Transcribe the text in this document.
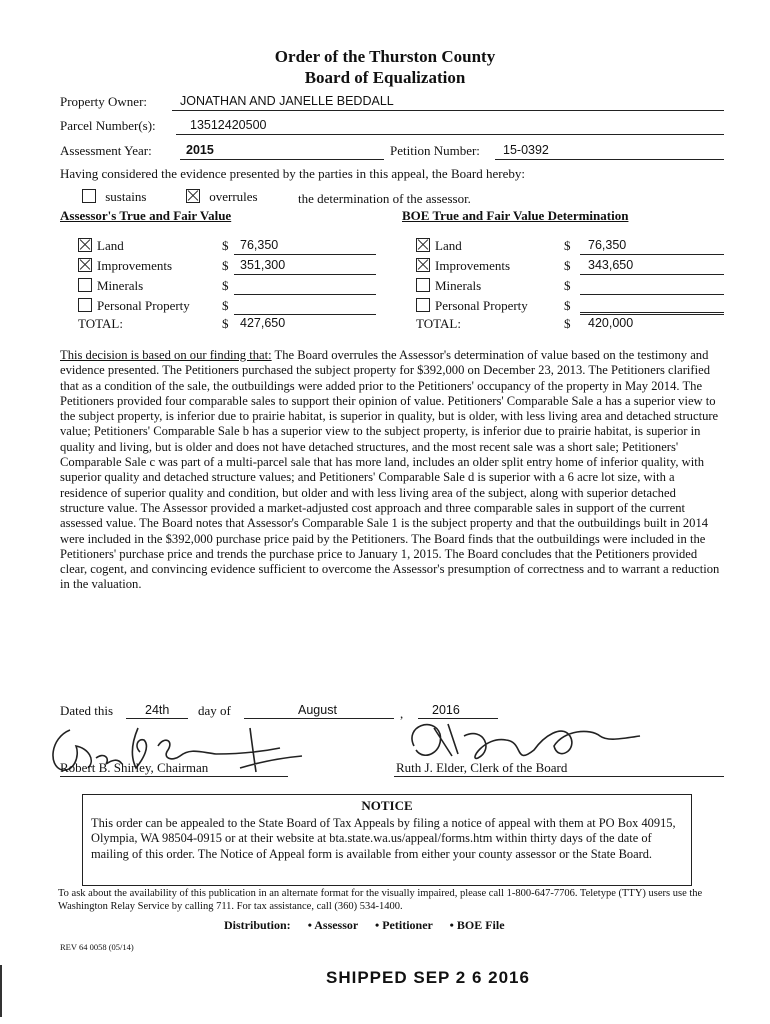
Order of the Thurston County
Board of Equalization
Property Owner:	JONATHAN AND JANELLE BEDDALL
Parcel Number(s):	13512420500
Assessment Year:	2015	Petition Number: 15-0392
Having considered the evidence presented by the parties in this appeal, the Board hereby:
sustains	overrules	the determination of the assessor.
Assessor's True and Fair Value	BOE True and Fair Value Determination
Land	$ 76,350
Improvements	$ 351,300
Minerals	$
Personal Property $
TOTAL:	$ 427,650
Land	$ 76,350
Improvements	$ 343,650
Minerals	$
Personal Property	$
TOTAL:	$ 420,000
This decision is based on our finding that: The Board overrules the Assessor's determination of value based on the testimony and evidence presented. The Petitioners purchased the subject property for $392,000 on December 23, 2013. The Petitioners clarified that as a condition of the sale, the outbuildings were added prior to the Petitioners' occupancy of the property in May 2014. The Petitioners provided four comparable sales to support their opinion of value. Petitioners' Comparable Sale a has a superior view to the subject property, is inferior due to prairie habitat, is superior in quality, but is older, with less living area and detached structure value; Petitioners' Comparable Sale b has a superior view to the subject property, is inferior due to prairie habitat, is superior in quality and living, but is older and does not have detached structures, and the most recent sale was a short sale; Petitioners' Comparable Sale c was part of a multi-parcel sale that has more land, includes an older split entry home of inferior quality, with superior quality and detached structure values; and Petitioners' Comparable Sale d is superior with a 6 acre lot size, with a residence of superior quality and condition, but older and with less living area of the subject, along with superior detached structure value. The Assessor provided a market-adjusted cost approach and three comparable sales in support of the current assessed value. The Board notes that Assessor's Comparable Sale 1 is the subject property and that the outbuildings built in 2014 were included in the $392,000 purchase price paid by the Petitioners. The Board finds that the outbuildings were included in the Petitioners' purchase price and trends the purchase price to January 1, 2015. The Board concludes that the Petitioners provided clear, cogent, and convincing evidence sufficient to overcome the Assessor's presumption of correctness and to warrant a reduction in the valuation.
Dated this	24th day of	August	, 2016
Robert B. Shirley, Chairman	Ruth J. Elder, Clerk of the Board
NOTICE
This order can be appealed to the State Board of Tax Appeals by filing a notice of appeal with them at PO Box 40915, Olympia, WA 98504-0915 or at their website at bta.state.wa.us/appeal/forms.htm within thirty days of the date of mailing of this order. The Notice of Appeal form is available from either your county assessor or the State Board.
To ask about the availability of this publication in an alternate format for the visually impaired, please call 1-800-647-7706. Teletype (TTY) users use the Washington Relay Service by calling 711. For tax assistance, call (360) 534-1400.
Distribution: • Assessor • Petitioner • BOE File
REV 64 0058 (05/14)
SHIPPED SEP 2 6 2016
